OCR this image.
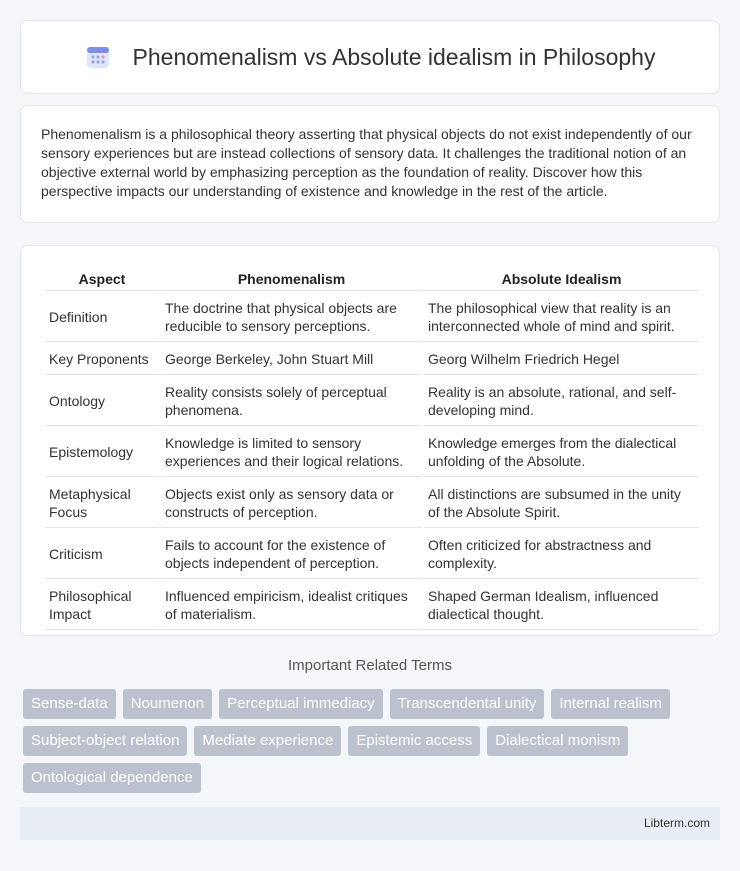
Phenomenalism vs Absolute idealism in Philosophy

Phenomenalism is a philosophical theory asserting that physical objects do not exist independently of our sensory experiences but are instead collections of sensory data. It challenges the traditional notion of an objective external world by emphasizing perception as the foundation of reality. Discover how this perspective impacts our understanding of existence and knowledge in the rest of the article.

Aspect	Phenomenalism	Absolute Idealism
Definition	The doctrine that physical objects are reducible to sensory perceptions.	The philosophical view that reality is an interconnected whole of mind and spirit.
Key Proponents	George Berkeley, John Stuart Mill	Georg Wilhelm Friedrich Hegel
Ontology	Reality consists solely of perceptual phenomena.	Reality is an absolute, rational, and self-developing mind.
Epistemology	Knowledge is limited to sensory experiences and their logical relations.	Knowledge emerges from the dialectical unfolding of the Absolute.
Metaphysical Focus	Objects exist only as sensory data or constructs of perception.	All distinctions are subsumed in the unity of the Absolute Spirit.
Criticism	Fails to account for the existence of objects independent of perception.	Often criticized for abstractness and complexity.
Philosophical Impact	Influenced empiricism, idealist critiques of materialism.	Shaped German Idealism, influenced dialectical thought.
Important Related Terms
Sense-data	Noumenon	Perceptual immediacy	Transcendental unity	Internal realism
Subject-object relation	Mediate experience	Epistemic access	Dialectical monism
Ontological dependence
Libterm.com
